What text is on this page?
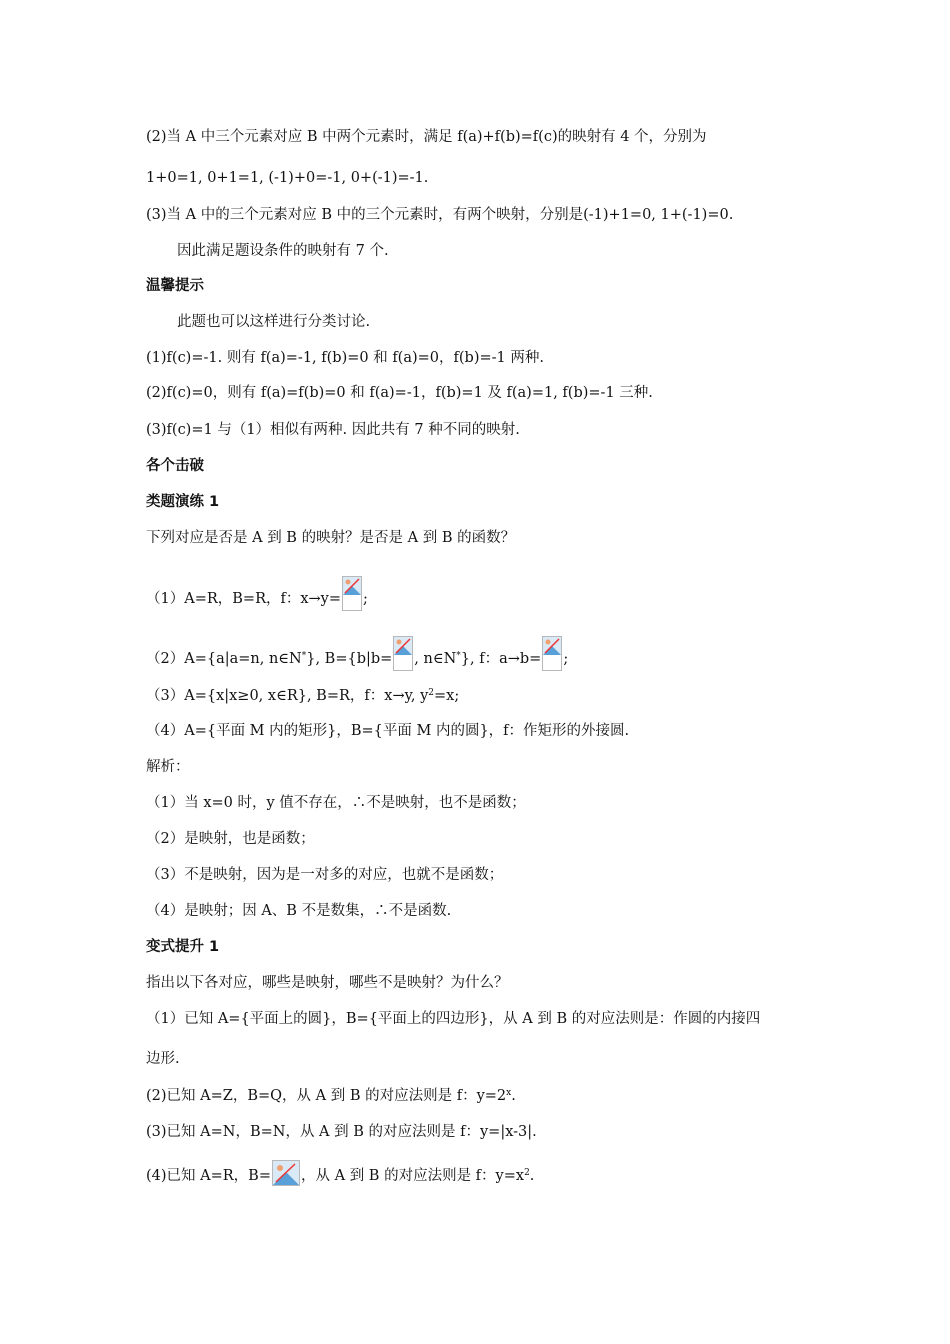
(2)当 A 中三个元素对应 B 中两个元素时，满足 f(a)+f(b)=f(c)的映射有 4 个，分别为
1+0=1, 0+1=1, (-1)+0=-1, 0+(-1)=-1.
(3)当 A 中的三个元素对应 B 中的三个元素时，有两个映射，分别是(-1)+1=0, 1+(-1)=0.
因此满足题设条件的映射有 7 个.
温馨提示
此题也可以这样进行分类讨论.
(1)f(c)=-1. 则有 f(a)=-1, f(b)=0 和 f(a)=0，f(b)=-1 两种.
(2)f(c)=0，则有 f(a)=f(b)=0 和 f(a)=-1，f(b)=1 及 f(a)=1, f(b)=-1 三种.
(3)f(c)=1 与（1）相似有两种. 因此共有 7 种不同的映射.
各个击破
类题演练 1
下列对应是否是 A 到 B 的映射？是否是 A 到 B 的函数？
（1）A=R，B=R，f：x→y= ;
（2）A={a|a=n, n∈N*}, B={b|b= , n∈N*}, f：a→b= ;
（3）A={x|x≥0, x∈R}, B=R，f：x→y, $y^2=x$;
（4）A={平面 M 内的矩形}，B={平面 M 内的圆}，f：作矩形的外接圆.
解析：
（1）当 x=0 时，y 值不存在，∴不是映射，也不是函数；
（2）是映射，也是函数；
（3）不是映射，因为是一对多的对应，也就不是函数；
（4）是映射；因 A、B 不是数集，∴不是函数.
变式提升 1
指出以下各对应，哪些是映射，哪些不是映射？为什么？
（1）已知 A={平面上的圆}，B={平面上的四边形}，从 A 到 B 的对应法则是：作圆的内接四
边形.
(2)已知 A=Z，B=Q，从 A 到 B 的对应法则是 f：$y=2^x$.
(3)已知 A=N，B=N，从 A 到 B 的对应法则是 f：y=|x-3|.
(4)已知 A=R，B= ，从 A 到 B 的对应法则是 f：$y=x^2$.
